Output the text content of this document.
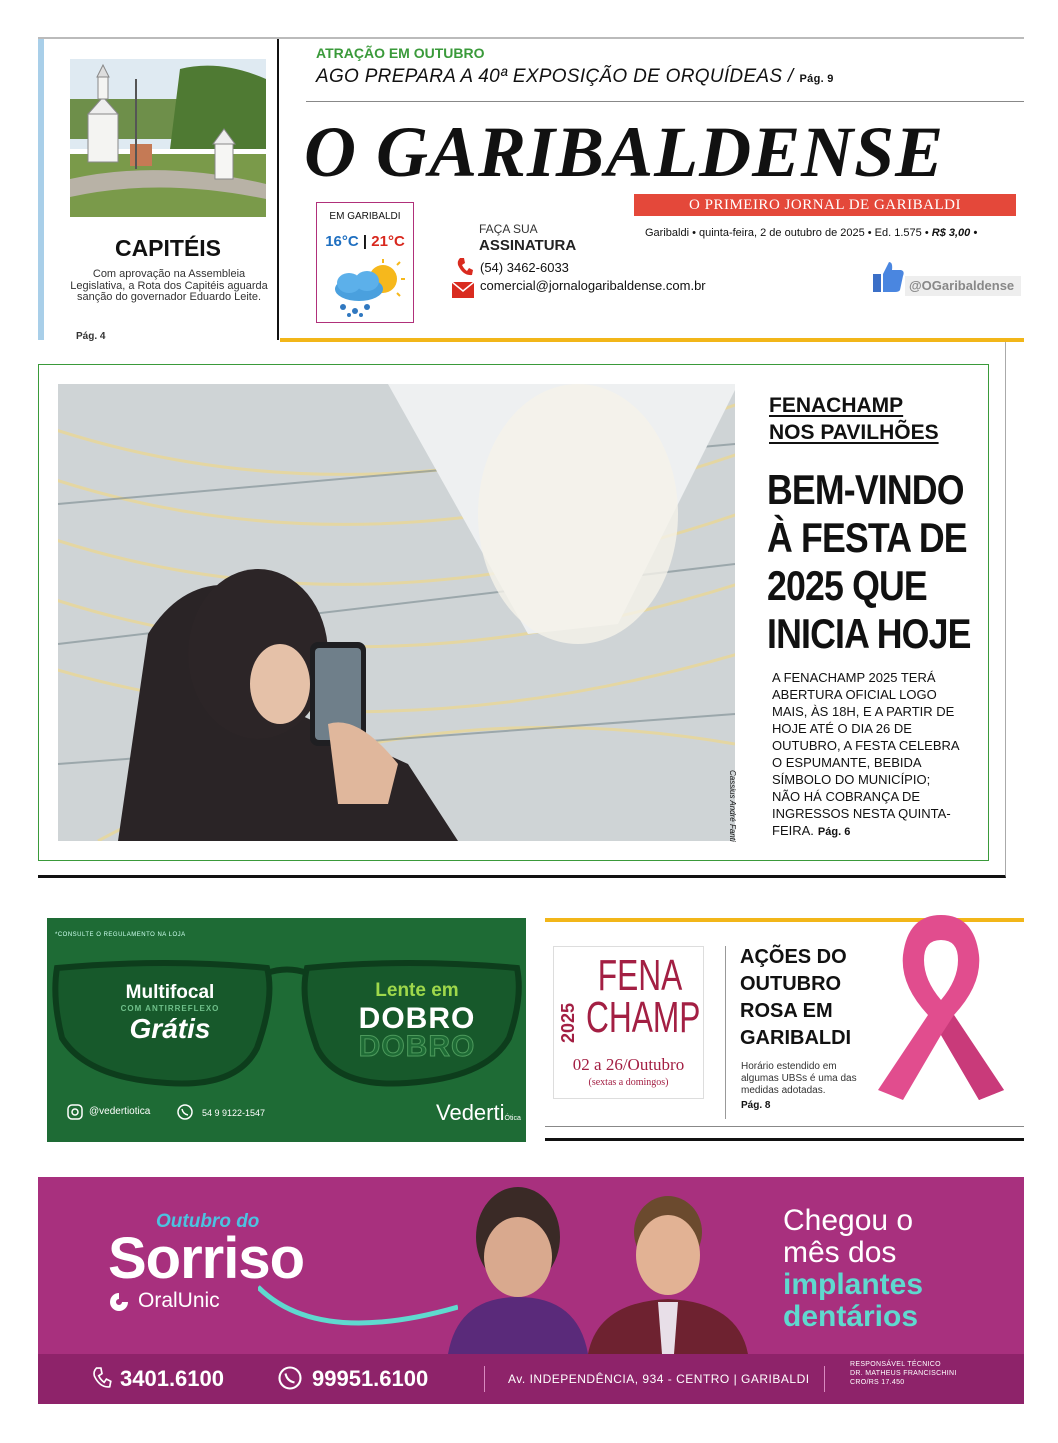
CAPITÉIS
Com aprovação na Assembleia Legislativa, a Rota dos Capitéis aguarda sanção do governador Eduardo Leite.
Pág. 4
ATRAÇÃO EM OUTUBRO
AGO PREPARA A 40ª EXPOSIÇÃO DE ORQUÍDEAS / Pág. 9
O GARIBALDENSE
O PRIMEIRO JORNAL DE GARIBALDI
EM GARIBALDI
16°C | 21°C
FAÇA SUA
ASSINATURA
(54) 3462-6033
comercial@jornalogaribaldense.com.br
Garibaldi • quinta-feira, 2 de outubro de 2025 • Ed. 1.575 • R$ 3,00 •
@OGaribaldense
Cassius André Fanti
FENACHAMP
NOS PAVILHÕES
BEM-VINDO
À FESTA DE
2025 QUE
INICIA HOJE
A FENACHAMP 2025 TERÁ ABERTURA OFICIAL LOGO MAIS, ÀS 18H, E A PARTIR DE HOJE ATÉ O DIA 26 DE OUTUBRO, A FESTA CELEBRA O ESPUMANTE, BEBIDA SÍMBOLO DO MUNICÍPIO; NÃO HÁ COBRANÇA DE INGRESSOS NESTA QUINTA-FEIRA. Pág. 6
*CONSULTE O REGULAMENTO NA LOJA
Multifocal
COM ANTIRREFLEXO
Grátis
Lente em
DOBRO
DOBRO
@vedertiotica	54 9 9122-1547	VedertiÓtica
FENA
CHAMP
2025
02 a 26/Outubro
(sextas a domingos)
AÇÕES DO
OUTUBRO
ROSA EM
GARIBALDI
Horário estendido em algumas UBSs é uma das medidas adotadas.
Pág. 8
Outubro do
Sorriso
OralUnic
Chegou o
mês dos
implantes
dentários
3401.6100	99951.6100	Av. INDEPENDÊNCIA, 934 - CENTRO | GARIBALDI
RESPONSÁVEL TÉCNICO
DR. MATHEUS FRANCISCHINI
CRO/RS 17.450
